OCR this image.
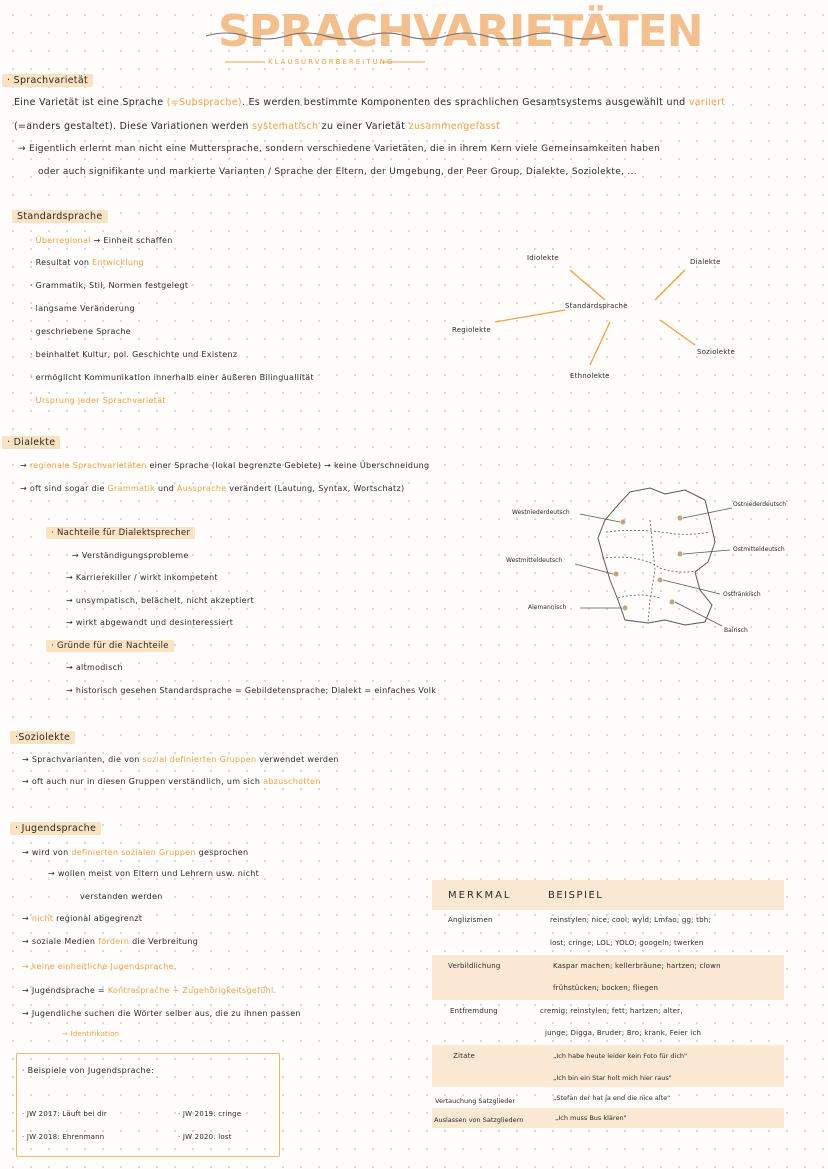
SPRACHVARIETÄTEN
KLAUSURVORBEREITUNG
· Sprachvarietät
Eine Varietät ist eine Sprache (=Subsprache). Es werden bestimmte Komponenten des sprachlichen Gesamtsystems ausgewählt und variiert
(=anders gestaltet). Diese Variationen werden systematisch zu einer Varietät zusammengefasst
→ Eigentlich erlernt man nicht eine Muttersprache, sondern verschiedene Varietäten, die in ihrem Kern viele Gemeinsamkeiten haben
oder auch signifikante und markierte Varianten / Sprache der Eltern, der Umgebung, der Peer Group, Dialekte, Soziolekte, ...
Standardsprache
· Überregional → Einheit schaffen
· Resultat von Entwicklung
· Grammatik, Stil, Normen festgelegt
· langsame Veränderung
· geschriebene Sprache
· beinhaltet Kultur, pol. Geschichte und Existenz
· ermöglicht Kommunikation innerhalb einer äußeren Bilinguallität
· Ursprung jeder Sprachvarietät
Idiolekte	Dialekte
Standardsprache
Regiolekte
Soziolekte
Ethnolekte
· Dialekte
→ regionale Sprachvarietäten einer Sprache (lokal begrenzte Gebiete) → keine Überschneidung
→ oft sind sogar die Grammatik und Aussprache verändert (Lautung, Syntax, Wortschatz)
· Nachteile für Dialektsprecher
→ Verständigungsprobleme
→ Karrierekiller / wirkt inkompetent
→ unsympatisch, belächelt, nicht akzeptiert
→ wirkt abgewandt und desinteressiert
· Gründe für die Nachteile
→ altmodisch
→ historisch gesehen Standardsprache = Gebildetensprache; Dialekt = einfaches Volk
Westniederdeutsch
Ostniederdeutsch
Westmitteldeutsch
Ostmitteldeutsch
Ostfränkisch
Alemannisch
Bairisch
·Soziolekte
→ Sprachvarianten, die von sozial definierten Gruppen verwendet werden
→ oft auch nur in diesen Gruppen verständlich, um sich abzuschotten
· Jugendsprache
→ wird von definierten sozialen Gruppen gesprochen
→ wollen meist von Eltern und Lehrern usw. nicht
verstanden werden
→ nicht regional abgegrenzt
→ soziale Medien fördern die Verbreitung
→ keine einheitliche Jugendsprache.
→ Jugendsprache = Kontrasprache + Zugehörigkeitsgefühl.
→ Jugendliche suchen die Wörter selber aus, die zu ihnen passen
→ Identifikation
· Beispiele von Jugendsprache:
· JW 2017: Läuft bei dir
· JW 2018: Ehrenmann
· JW 2019: cringe
· JW 2020: lost
MERKMAL	BEISPIEL
Anglizismen	reinstylen; nice; cool; wyld; Lmfao; gg; tbh;
lost; cringe; LOL; YOLO; googeln; twerken
Verbildlichung	Kaspar machen; kellerbräune; hartzen; clown
frühstücken; bocken; fliegen
Entfremdung	cremig; reinstylen; fett; hartzen; alter,
junge; Digga, Bruder; Bro; krank, Feier ich
Zitate	„Ich habe heute leider kein Foto für dich"
„Ich bin ein Star holt mich hier raus"
Vertauchung Satzglieder	„Stefan der hat ja end die nice alte"
Auslassen von Satzgliedern	„Ich muss Bus klären"
